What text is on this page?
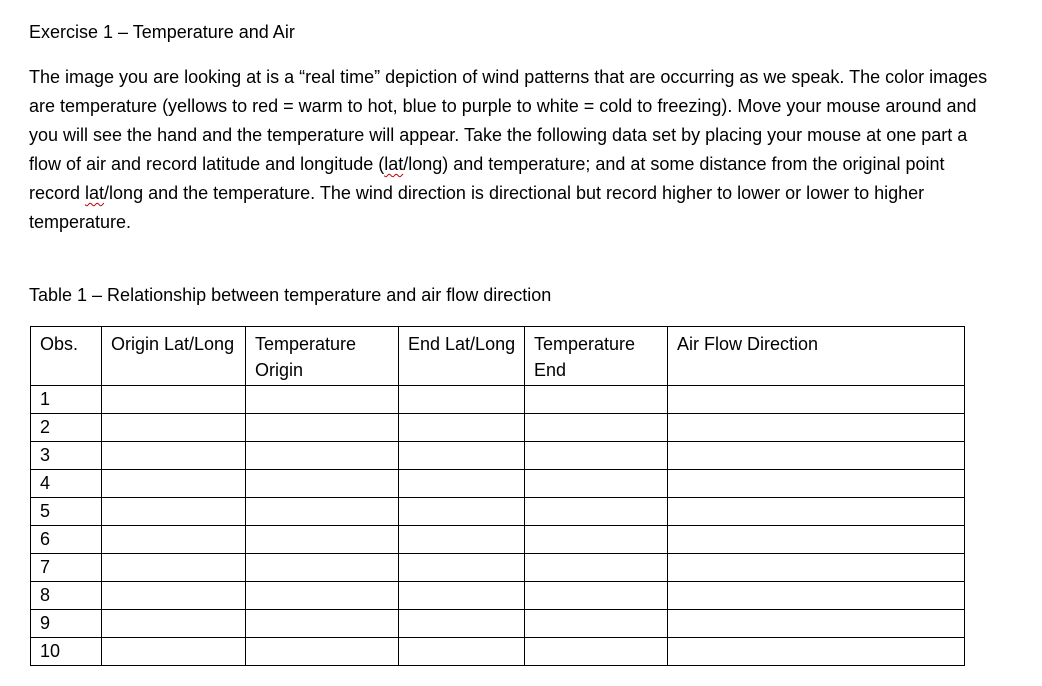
Exercise 1 – Temperature and Air
The image you are looking at is a “real time” depiction of wind patterns that are occurring as we speak. The color images are temperature (yellows to red = warm to hot, blue to purple to white = cold to freezing). Move your mouse around and you will see the hand and the temperature will appear. Take the following data set by placing your mouse at one part a flow of air and record latitude and longitude (lat/long) and temperature; and at some distance from the original point record lat/long and the temperature. The wind direction is directional but record higher to lower or lower to higher temperature.
Table 1 – Relationship between temperature and air flow direction
Obs.	Origin Lat/Long	Temperature Origin	End Lat/Long	Temperature End	Air Flow Direction
1					
2					
3					
4					
5					
6					
7					
8					
9					
10					
